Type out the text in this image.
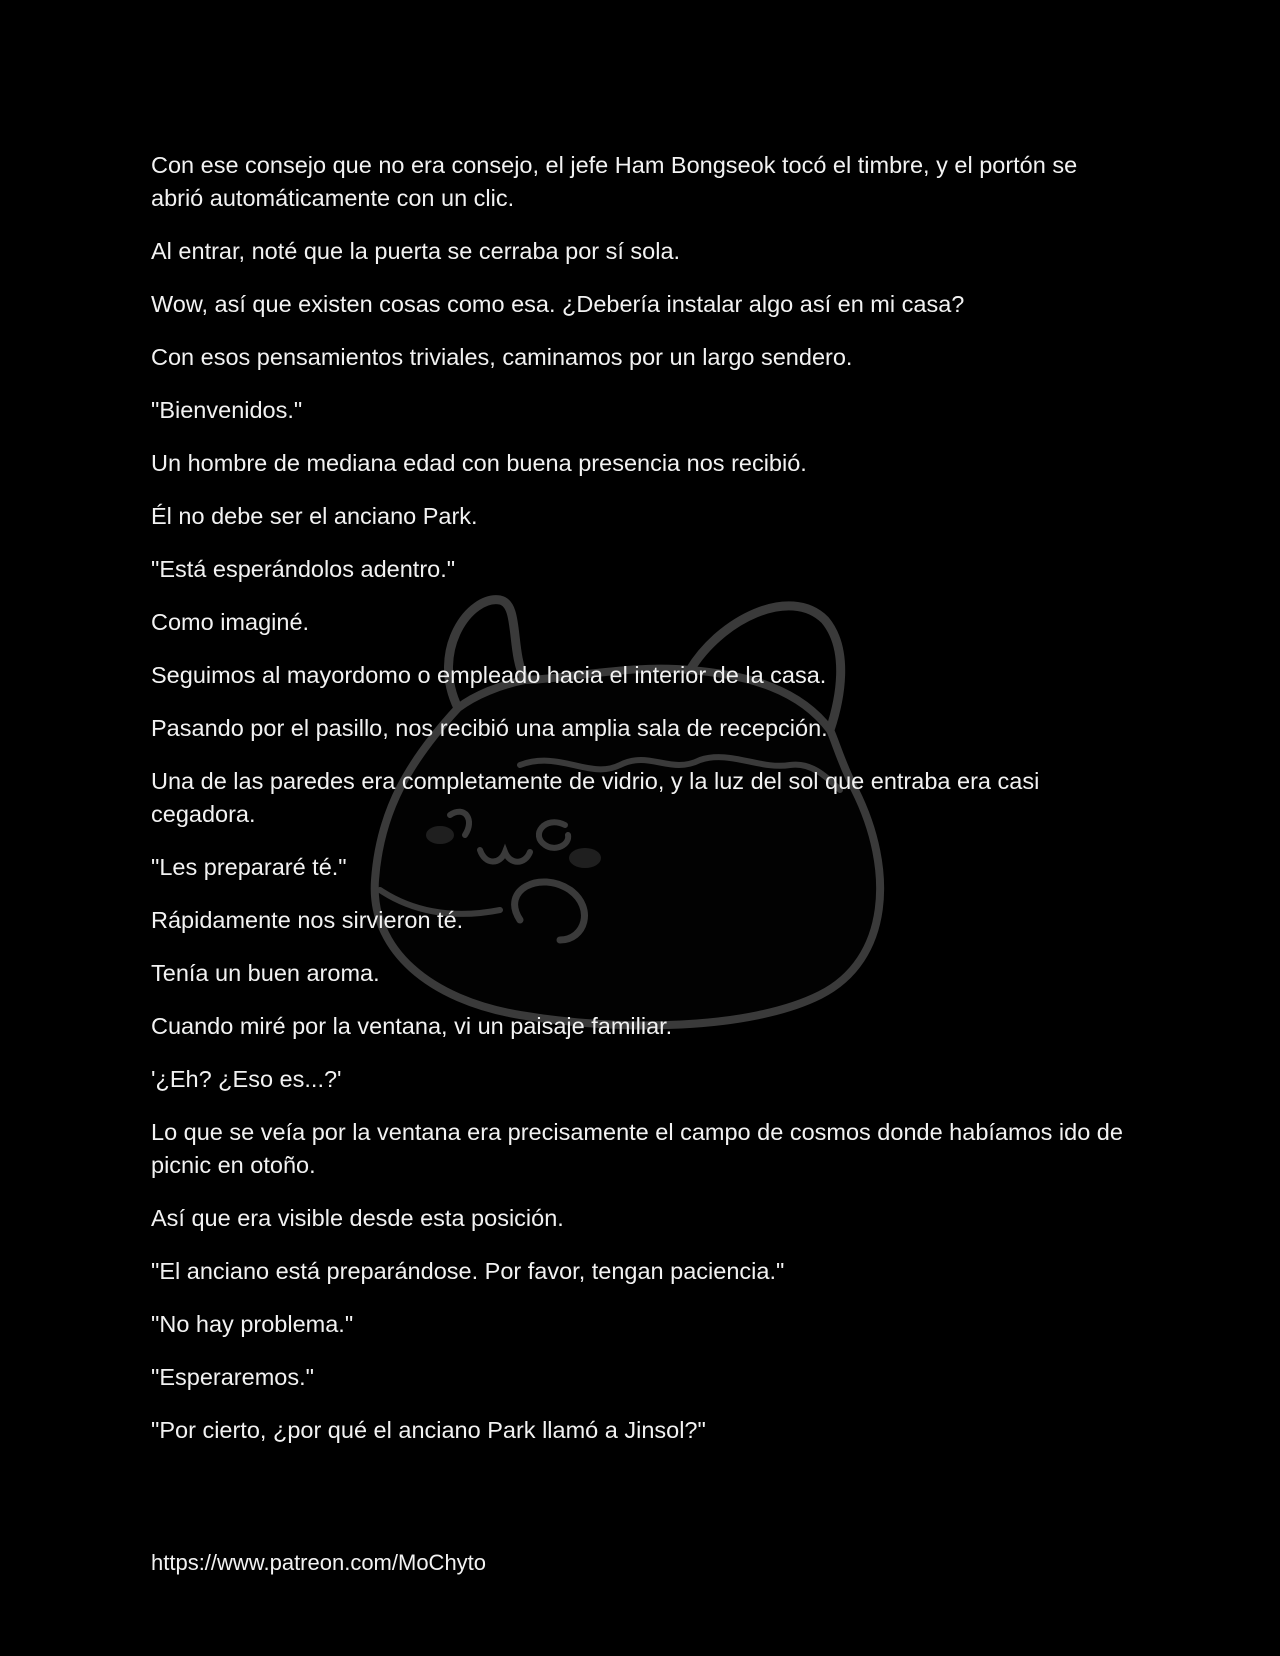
Con ese consejo que no era consejo, el jefe Ham Bongseok tocó el timbre, y el portón se abrió automáticamente con un clic.

Al entrar, noté que la puerta se cerraba por sí sola.

Wow, así que existen cosas como esa. ¿Debería instalar algo así en mi casa?

Con esos pensamientos triviales, caminamos por un largo sendero.

"Bienvenidos."

Un hombre de mediana edad con buena presencia nos recibió.

Él no debe ser el anciano Park.

"Está esperándolos adentro."

Como imaginé.

Seguimos al mayordomo o empleado hacia el interior de la casa.

Pasando por el pasillo, nos recibió una amplia sala de recepción.

Una de las paredes era completamente de vidrio, y la luz del sol que entraba era casi cegadora.

"Les prepararé té."

Rápidamente nos sirvieron té.

Tenía un buen aroma.

Cuando miré por la ventana, vi un paisaje familiar.

'¿Eh? ¿Eso es...?'

Lo que se veía por la ventana era precisamente el campo de cosmos donde habíamos ido de picnic en otoño.

Así que era visible desde esta posición.

"El anciano está preparándose. Por favor, tengan paciencia."

"No hay problema."

"Esperaremos."

"Por cierto, ¿por qué el anciano Park llamó a Jinsol?"

https://www.patreon.com/MoChyto
